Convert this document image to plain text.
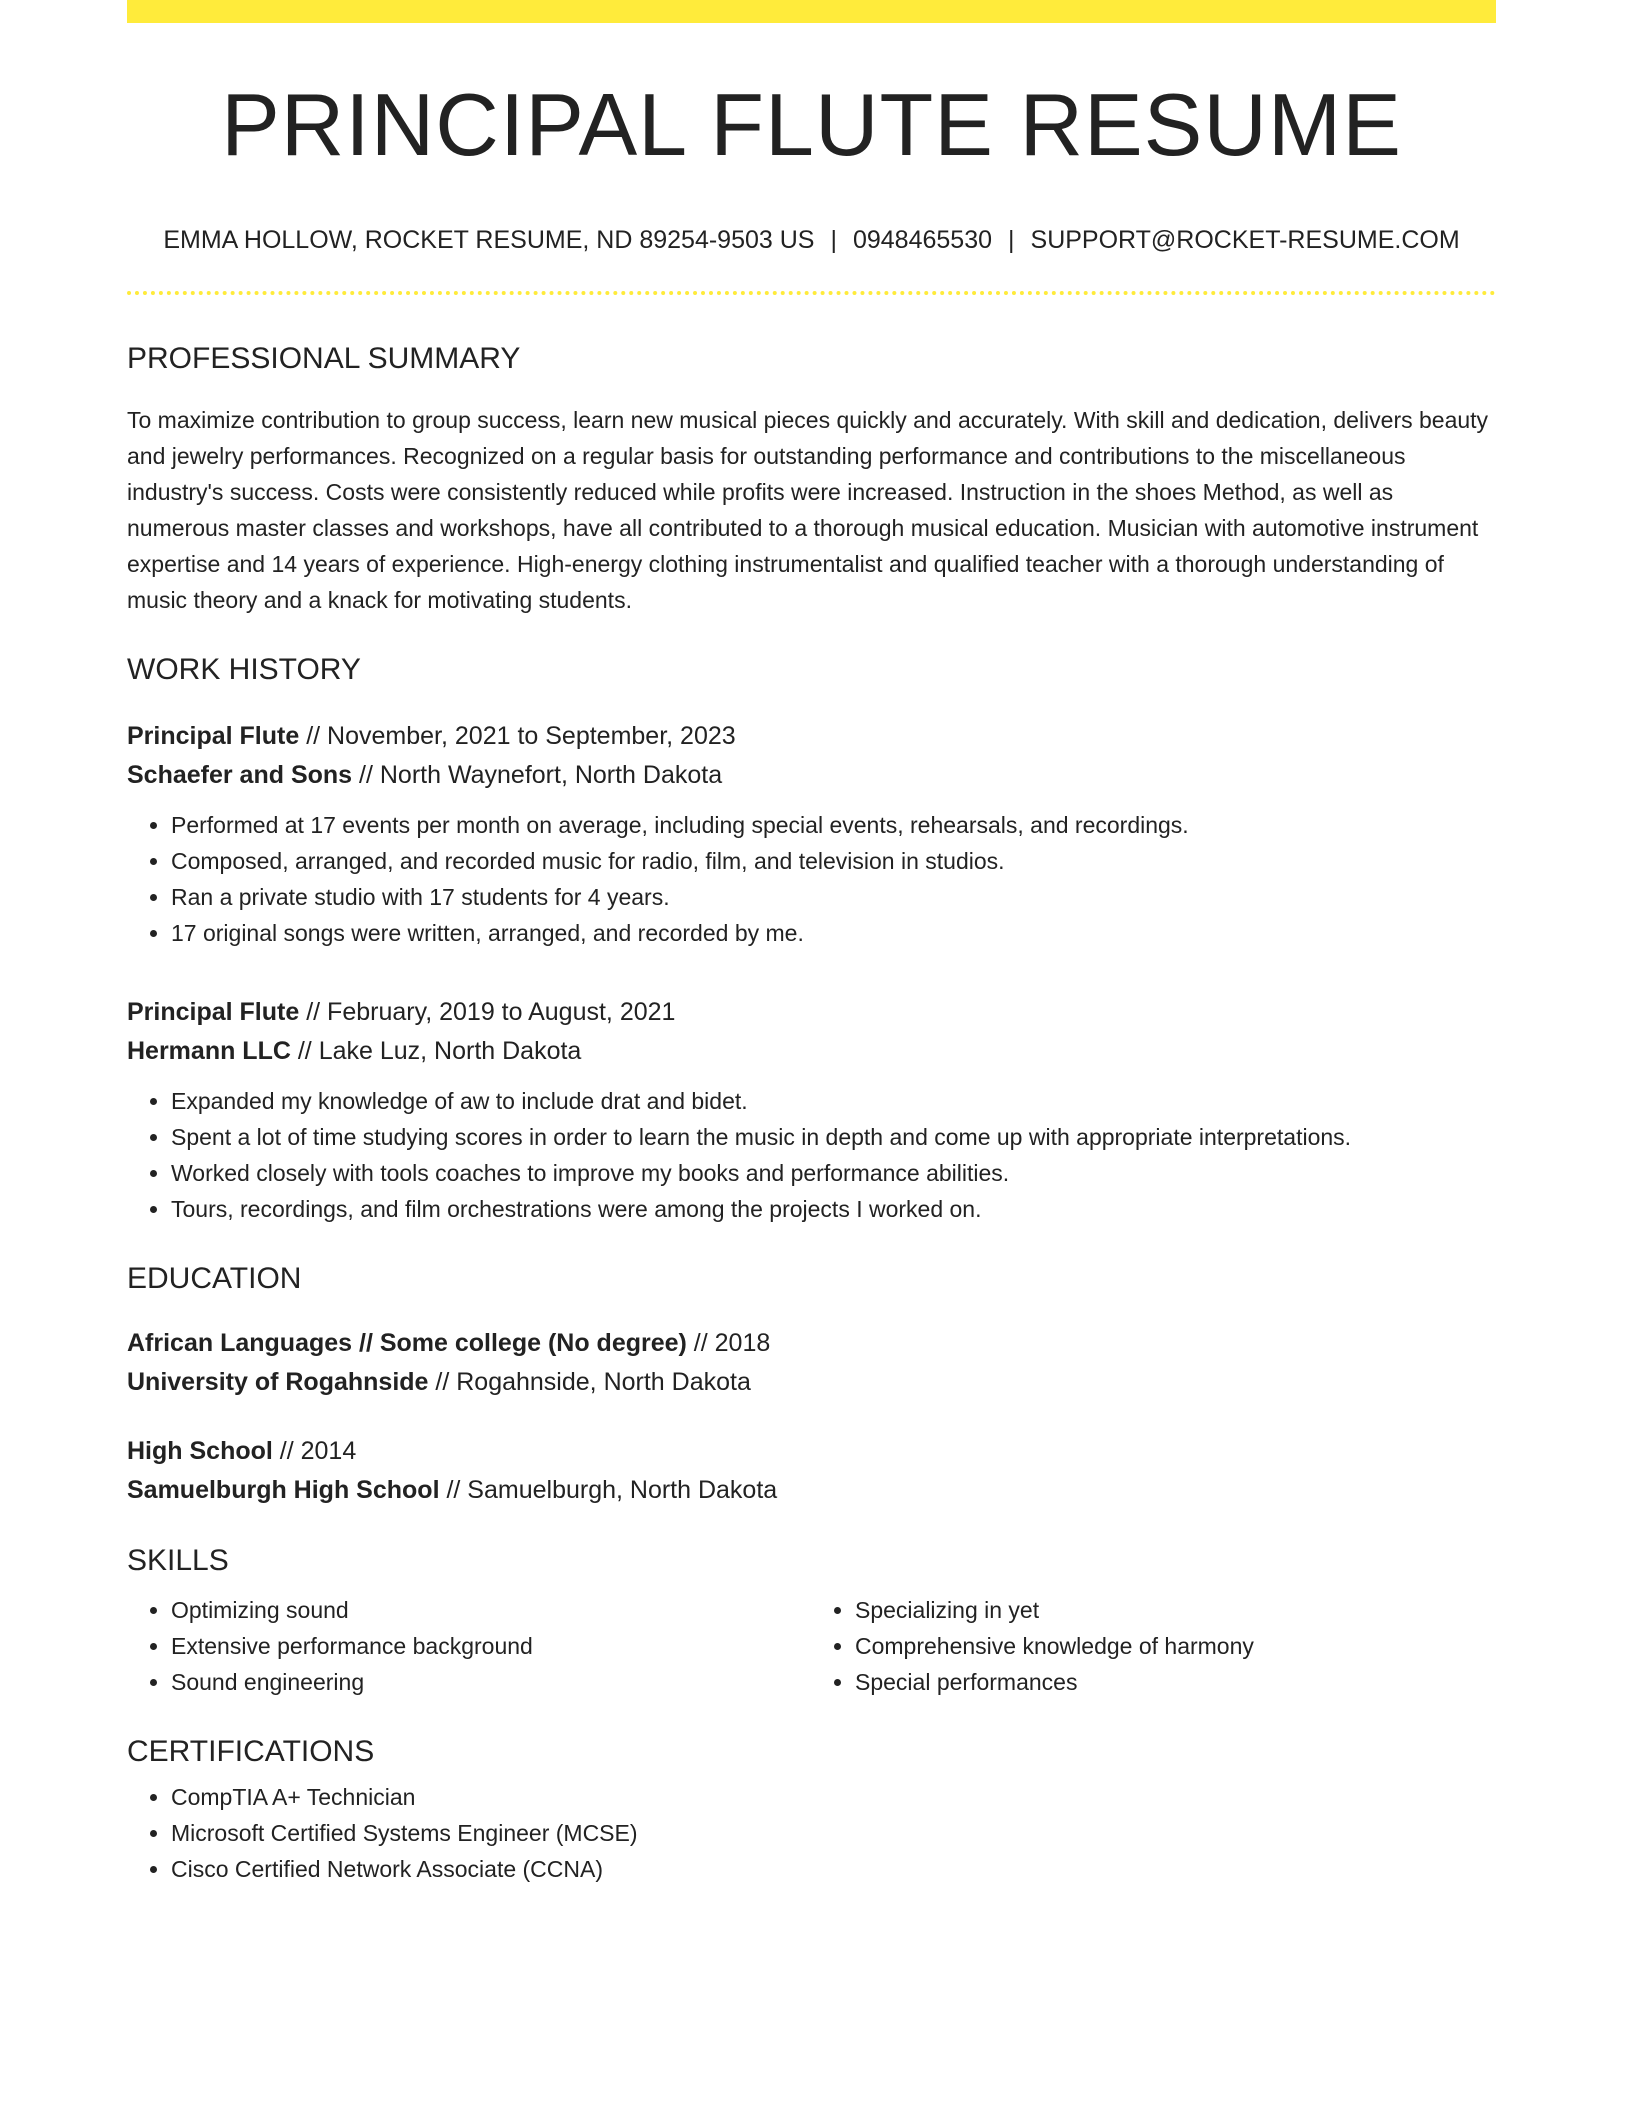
PRINCIPAL FLUTE RESUME
EMMA HOLLOW, ROCKET RESUME, ND 89254-9503 US | 0948465530 | SUPPORT@ROCKET-RESUME.COM
PROFESSIONAL SUMMARY
To maximize contribution to group success, learn new musical pieces quickly and accurately. With skill and dedication, delivers beauty and jewelry performances. Recognized on a regular basis for outstanding performance and contributions to the miscellaneous industry's success. Costs were consistently reduced while profits were increased. Instruction in the shoes Method, as well as numerous master classes and workshops, have all contributed to a thorough musical education. Musician with automotive instrument expertise and 14 years of experience. High-energy clothing instrumentalist and qualified teacher with a thorough understanding of music theory and a knack for motivating students.
WORK HISTORY
Principal Flute // November, 2021 to September, 2023
Schaefer and Sons // North Waynefort, North Dakota
• Performed at 17 events per month on average, including special events, rehearsals, and recordings.
• Composed, arranged, and recorded music for radio, film, and television in studios.
• Ran a private studio with 17 students for 4 years.
• 17 original songs were written, arranged, and recorded by me.
Principal Flute // February, 2019 to August, 2021
Hermann LLC // Lake Luz, North Dakota
• Expanded my knowledge of aw to include drat and bidet.
• Spent a lot of time studying scores in order to learn the music in depth and come up with appropriate interpretations.
• Worked closely with tools coaches to improve my books and performance abilities.
• Tours, recordings, and film orchestrations were among the projects I worked on.
EDUCATION
African Languages // Some college (No degree) // 2018
University of Rogahnside // Rogahnside, North Dakota
High School // 2014
Samuelburgh High School // Samuelburgh, North Dakota
SKILLS
• Optimizing sound
• Extensive performance background
• Sound engineering
• Specializing in yet
• Comprehensive knowledge of harmony
• Special performances
CERTIFICATIONS
• CompTIA A+ Technician
• Microsoft Certified Systems Engineer (MCSE)
• Cisco Certified Network Associate (CCNA)
